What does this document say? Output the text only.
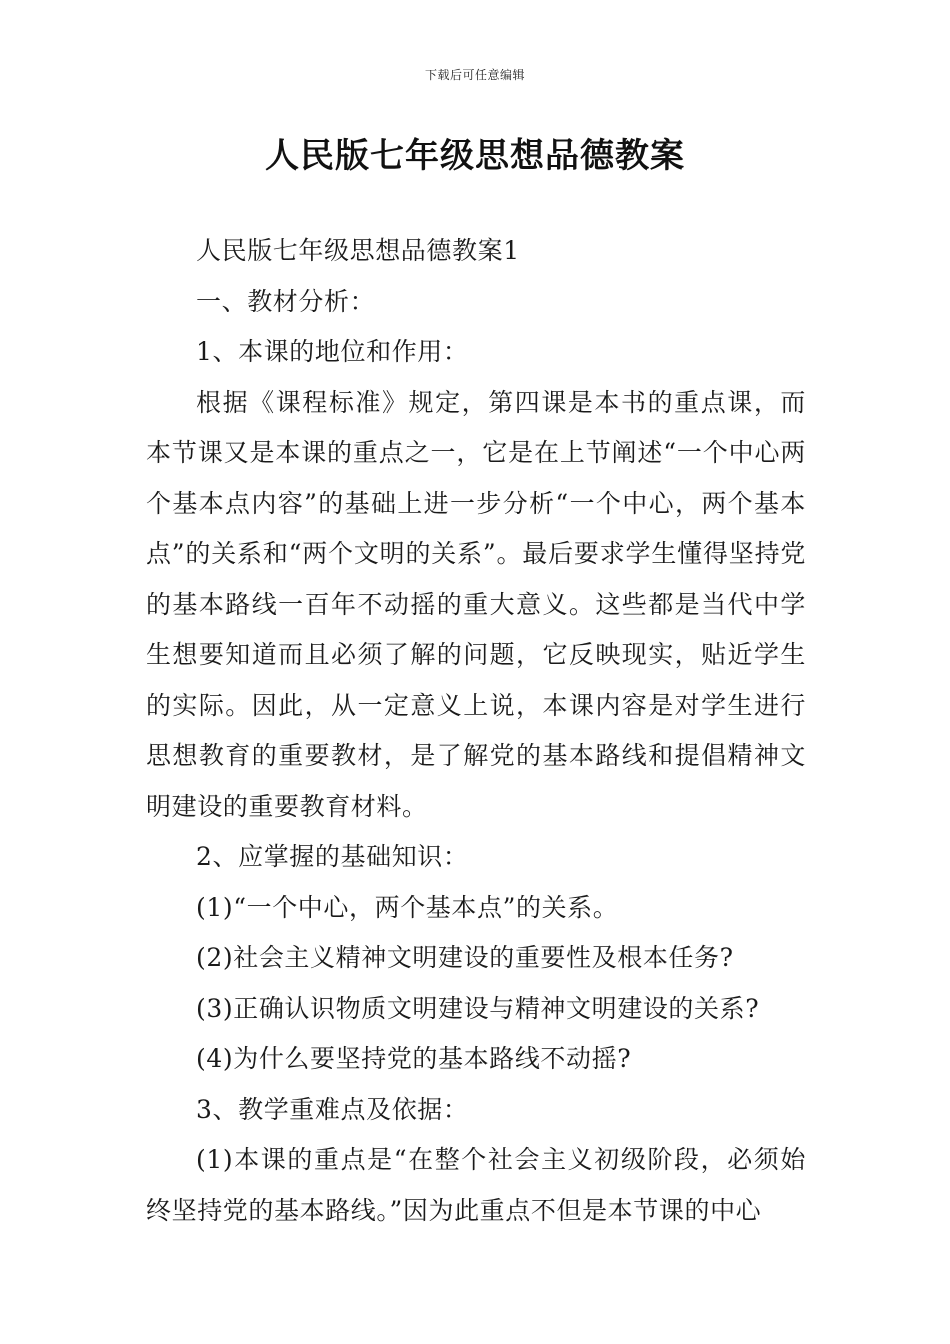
下载后可任意编辑
人民版七年级思想品德教案

人民版七年级思想品德教案1

一、教材分析：

1、本课的地位和作用：

根据《课程标准》规定，第四课是本书的重点课，而本节课又是本课的重点之一，它是在上节阐述“一个中心两个基本点内容”的基础上进一步分析“一个中心，两个基本点”的关系和“两个文明的关系”。最后要求学生懂得坚持党的基本路线一百年不动摇的重大意义。这些都是当代中学生想要知道而且必须了解的问题，它反映现实，贴近学生的实际。因此，从一定意义上说，本课内容是对学生进行思想教育的重要教材，是了解党的基本路线和提倡精神文明建设的重要教育材料。

2、应掌握的基础知识：

(1)“一个中心，两个基本点”的关系。

(2)社会主义精神文明建设的重要性及根本任务?

(3)正确认识物质文明建设与精神文明建设的关系?

(4)为什么要坚持党的基本路线不动摇?

3、教学重难点及依据：

(1)本课的重点是“在整个社会主义初级阶段，必须始终坚持党的基本路线。”因为此重点不但是本节课的中心
